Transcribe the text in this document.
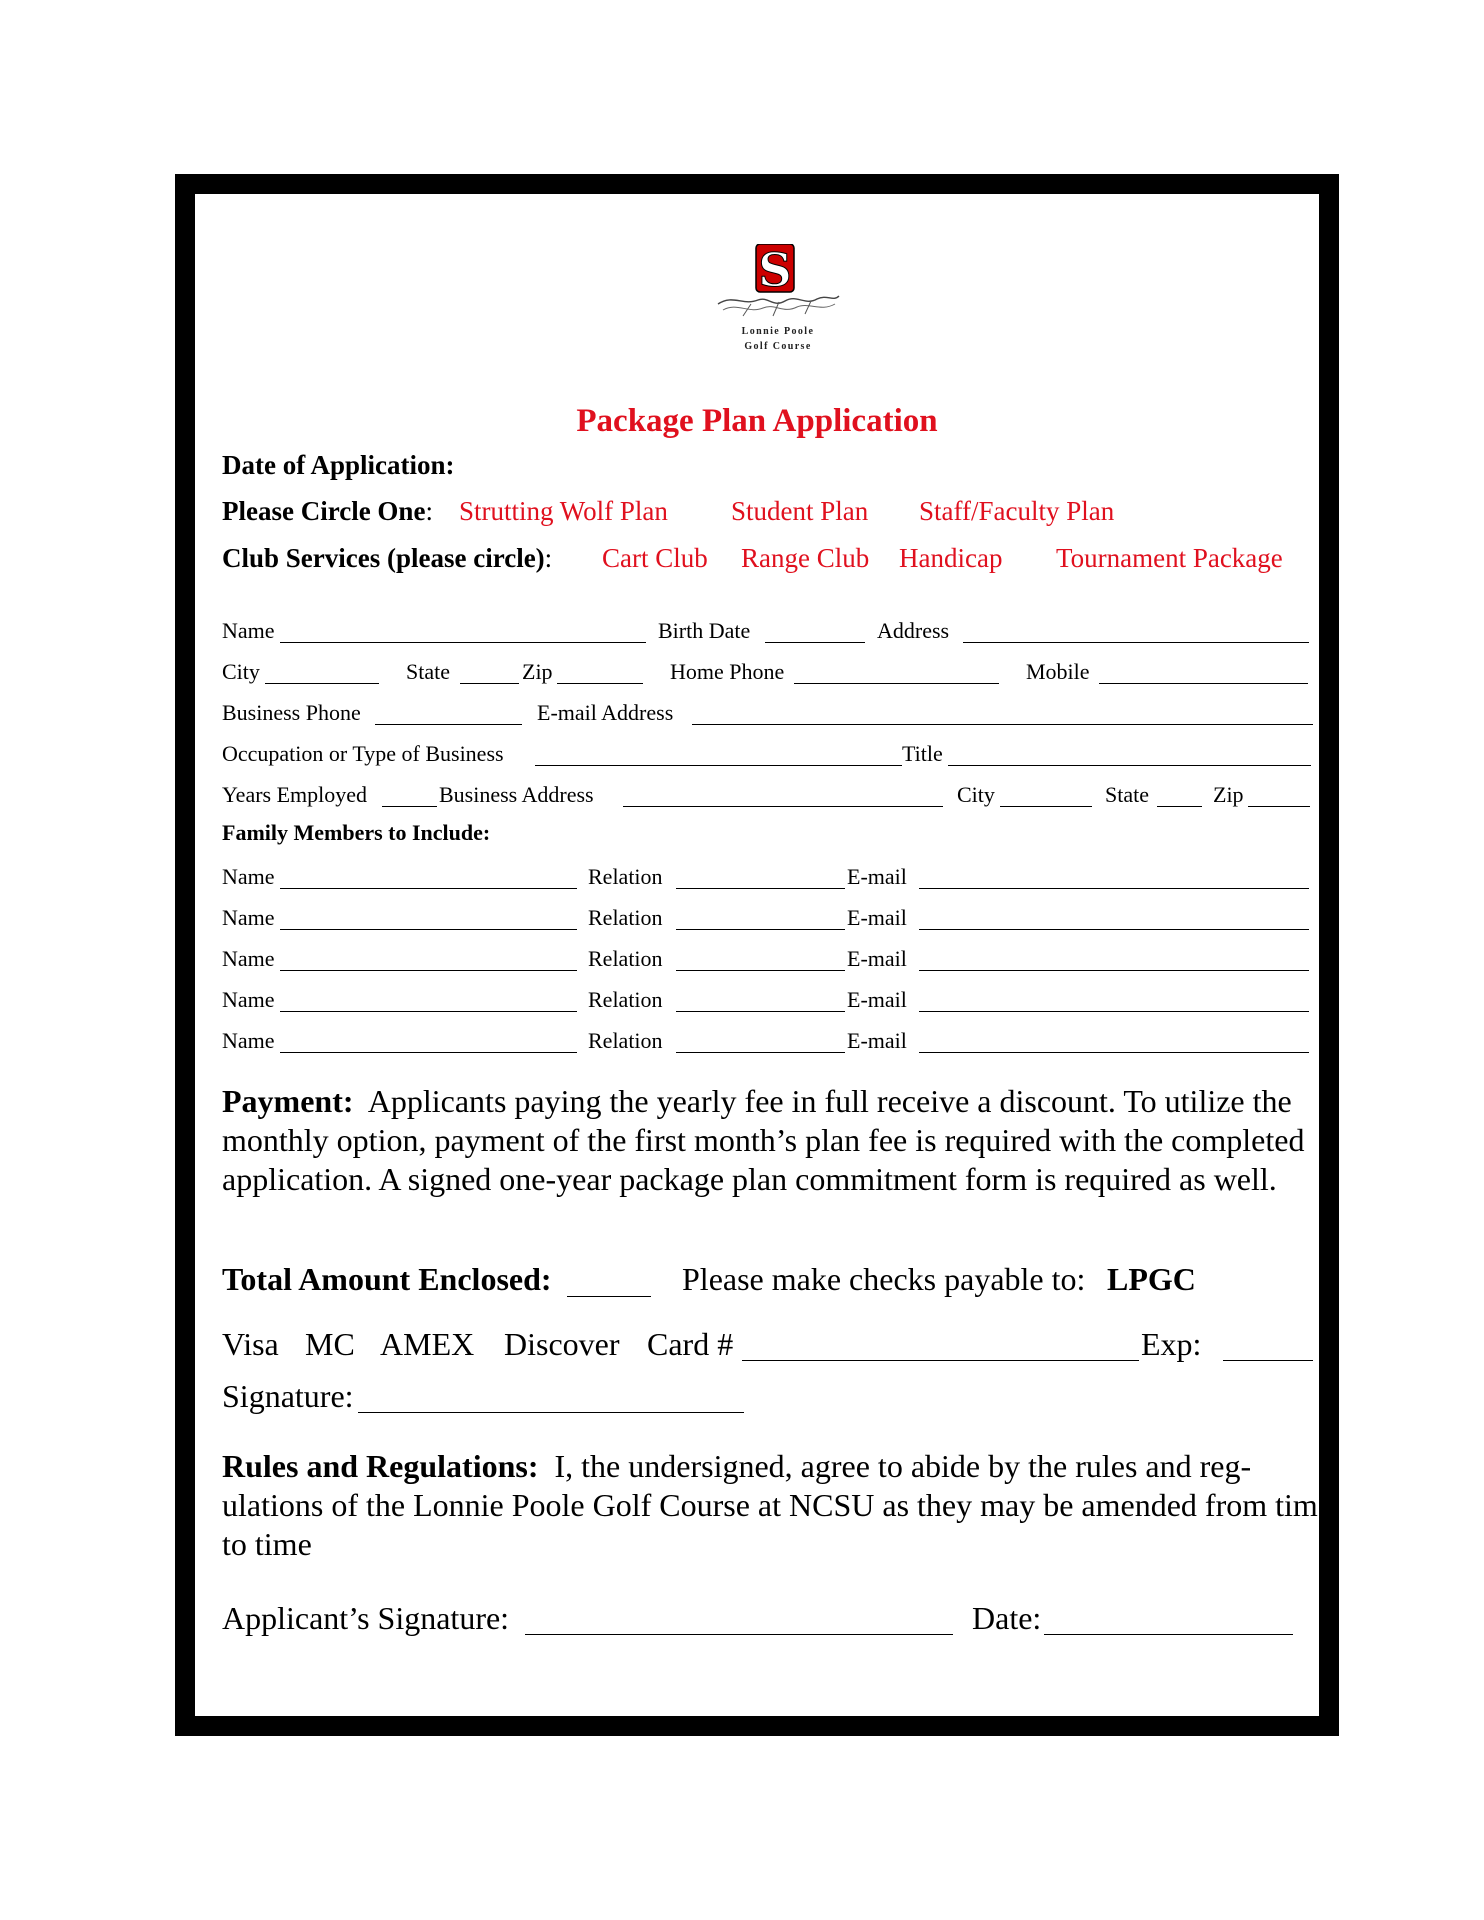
S
Lonnie Poole
Golf Course
Package Plan Application
Date of Application:
Please Circle One: Strutting Wolf Plan Student Plan Staff/Faculty Plan
Club Services (please circle): Cart Club Range Club Handicap Tournament Package
Name	Birth Date	Address
City	State	Zip	Home Phone	Mobile
Business Phone	E-mail Address
Occupation or Type of Business	Title
Years Employed	Business Address	City	State	Zip
Family Members to Include:
Name	Relation	E-mail
Name	Relation	E-mail
Name	Relation	E-mail
Name	Relation	E-mail
Name	Relation	E-mail
Payment: Applicants paying the yearly fee in full receive a discount. To utilize the monthly option, payment of the first month’s plan fee is required with the completed application. A signed one-year package plan commitment form is required as well.
Total Amount Enclosed:	Please make checks payable to: LPGC
Visa MC AMEX Discover Card #	Exp:
Signature:
Rules and Regulations: I, the undersigned, agree to abide by the rules and regulations of the Lonnie Poole Golf Course at NCSU as they may be amended from time to time
Applicant’s Signature:	Date:
